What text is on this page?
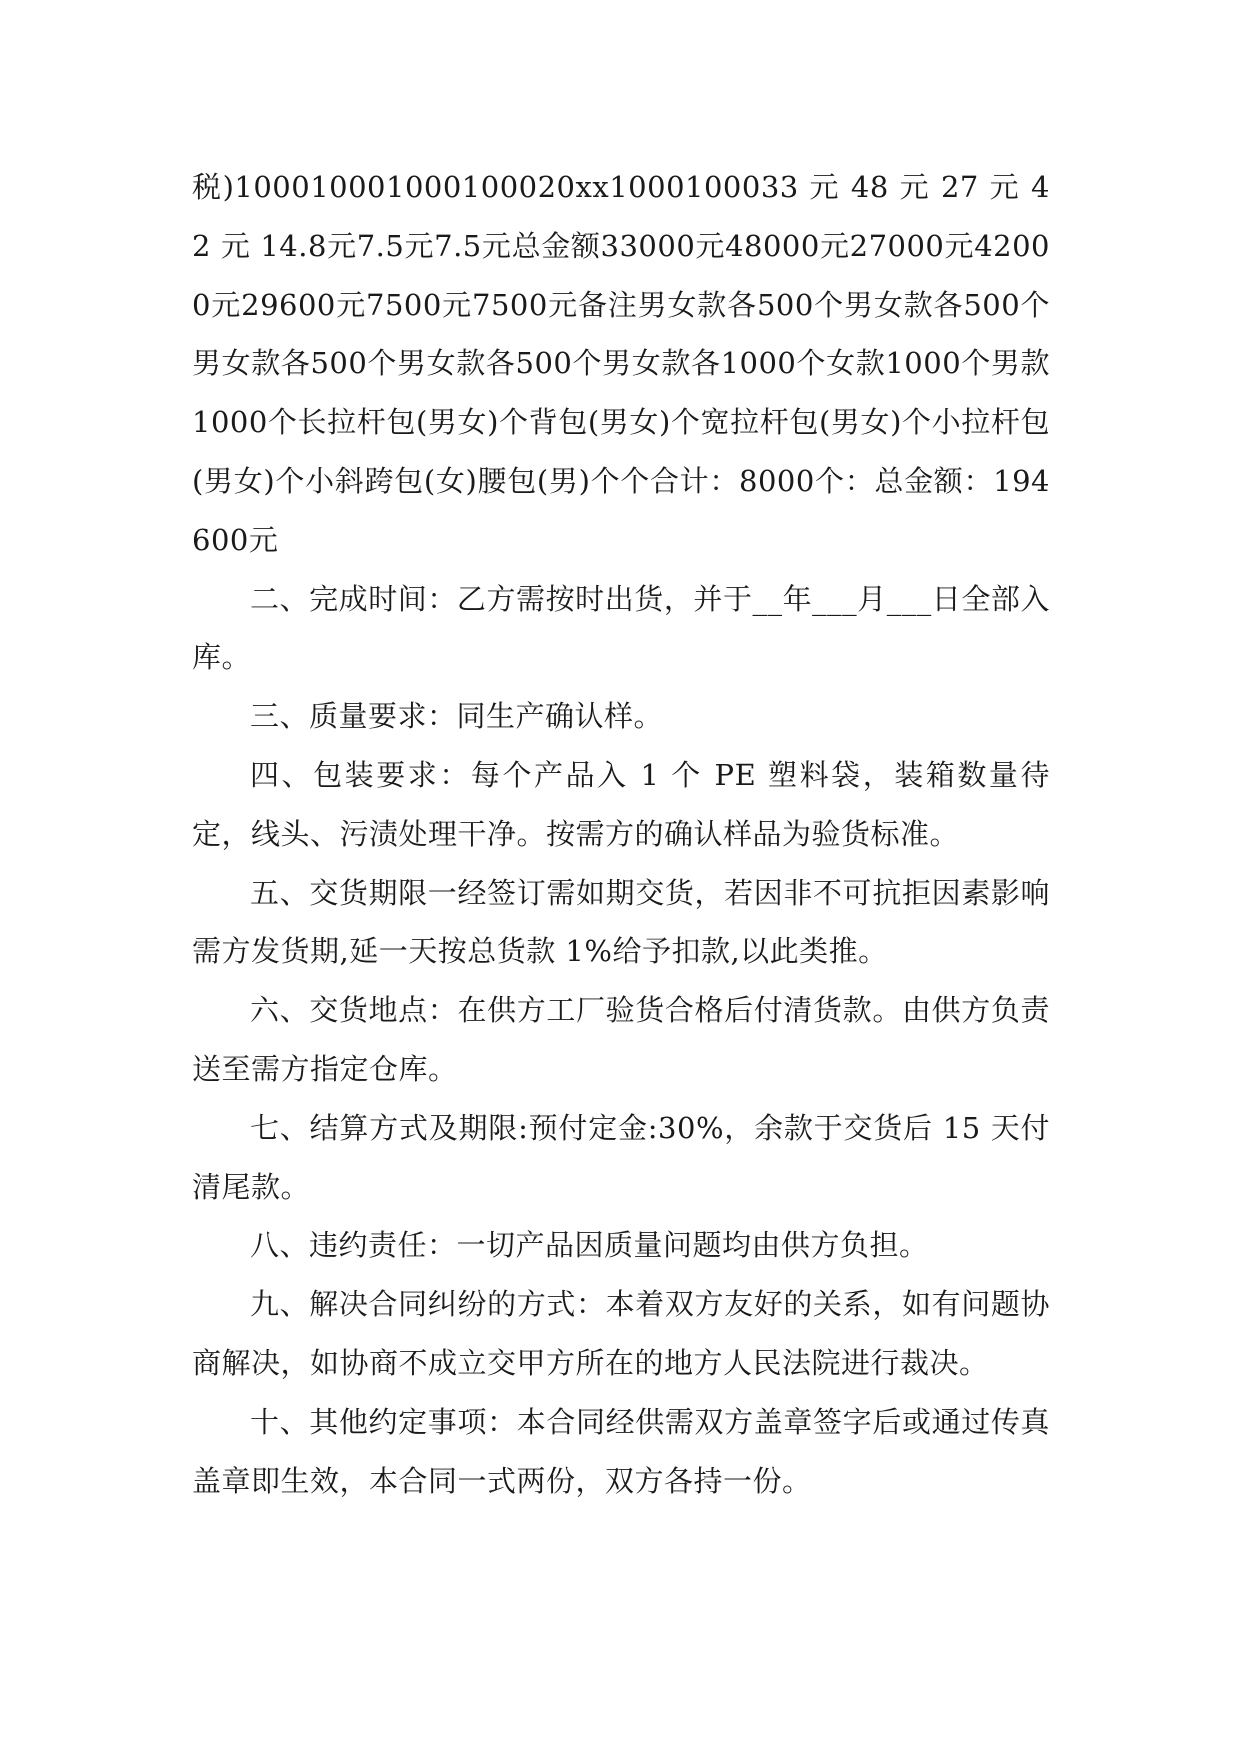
税)10001000100010002​0xx1000100033 元 48 元 27 元 42 元 14.8元7.5元7.5元总金额33000元48000元27000元42000元29600元7500元7500元备注男女款各500个男女款各500个男女款各500个男女款各500个男女款各1000个女款1000个男款1000个长拉杆包(男女)个背包(男女)个宽拉杆包(男女)个小拉杆包(男女)个小斜跨包(女)腰包(男)个个合计：8000个：总金额：194600元

二、完成时间：乙方需按时出货，并于__年___月___日全部入库。

三、质量要求：同生产确认样。

四、包装要求：每个产品入 1 个 PE 塑料袋，装箱数量待定，线头、污渍处理干净。按需方的确认样品为验货标准。

五、交货期限一经签订需如期交货，若因非不可抗拒因素影响需方发货期,延一天按总货款 1%给予扣款,以此类推。

六、交货地点：在供方工厂验货合格后付清货款。由供方负责送至需方指定仓库。

七、结算方式及期限:预付定金:30%，余款于交货后 15 天付清尾款。

八、违约责任：一切产品因质量问题均由供方负担。

九、解决合同纠纷的方式：本着双方友好的关系，如有问题协商解决，如协商不成立交甲方所在的地方人民法院进行裁决。

十、其他约定事项：本合同经供需双方盖章签字后或通过传真盖章即生效，本合同一式两份，双方各持一份。
